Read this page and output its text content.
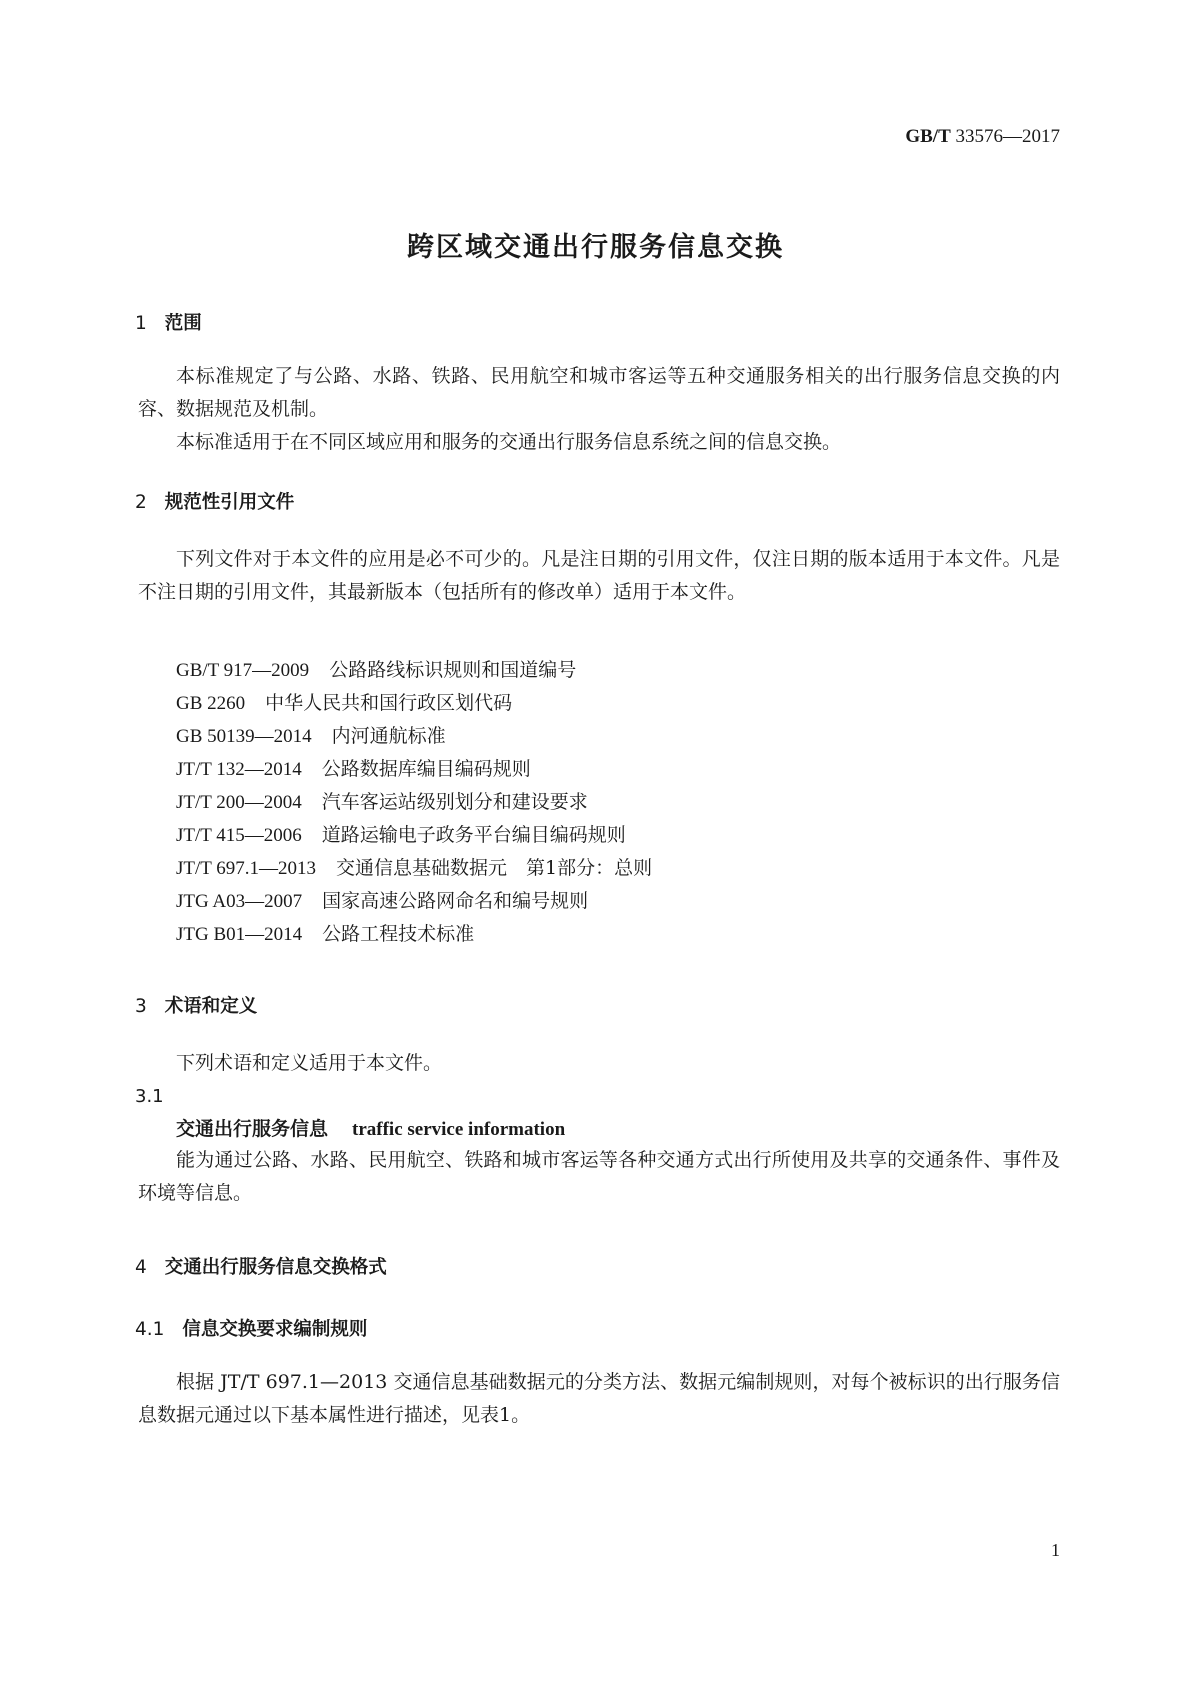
GB/T 33576—2017
跨区域交通出行服务信息交换
1 范围

本标准规定了与公路、水路、铁路、民用航空和城市客运等五种交通服务相关的出行服务信息交换的内容、数据规范及机制。

本标准适用于在不同区域应用和服务的交通出行服务信息系统之间的信息交换。

2 规范性引用文件

下列文件对于本文件的应用是必不可少的。凡是注日期的引用文件，仅注日期的版本适用于本文件。凡是不注日期的引用文件，其最新版本（包括所有的修改单）适用于本文件。

GB/T 917—2009 公路路线标识规则和国道编号
GB 2260 中华人民共和国行政区划代码
GB 50139—2014 内河通航标准
JT/T 132—2014 公路数据库编目编码规则
JT/T 200—2004 汽车客运站级别划分和建设要求
JT/T 415—2006 道路运输电子政务平台编目编码规则
JT/T 697.1—2013 交通信息基础数据元　第1部分：总则
JTG A03—2007 国家高速公路网命名和编号规则
JTG B01—2014 公路工程技术标准
3 术语和定义

下列术语和定义适用于本文件。

3.1
交通出行服务信息 traffic service information

能为通过公路、水路、民用航空、铁路和城市客运等各种交通方式出行所使用及共享的交通条件、事件及环境等信息。

4 交通出行服务信息交换格式
4.1 信息交换要求编制规则

根据 JT/T 697.1—2013 交通信息基础数据元的分类方法、数据元编制规则，对每个被标识的出行服务信息数据元通过以下基本属性进行描述，见表1。

1
